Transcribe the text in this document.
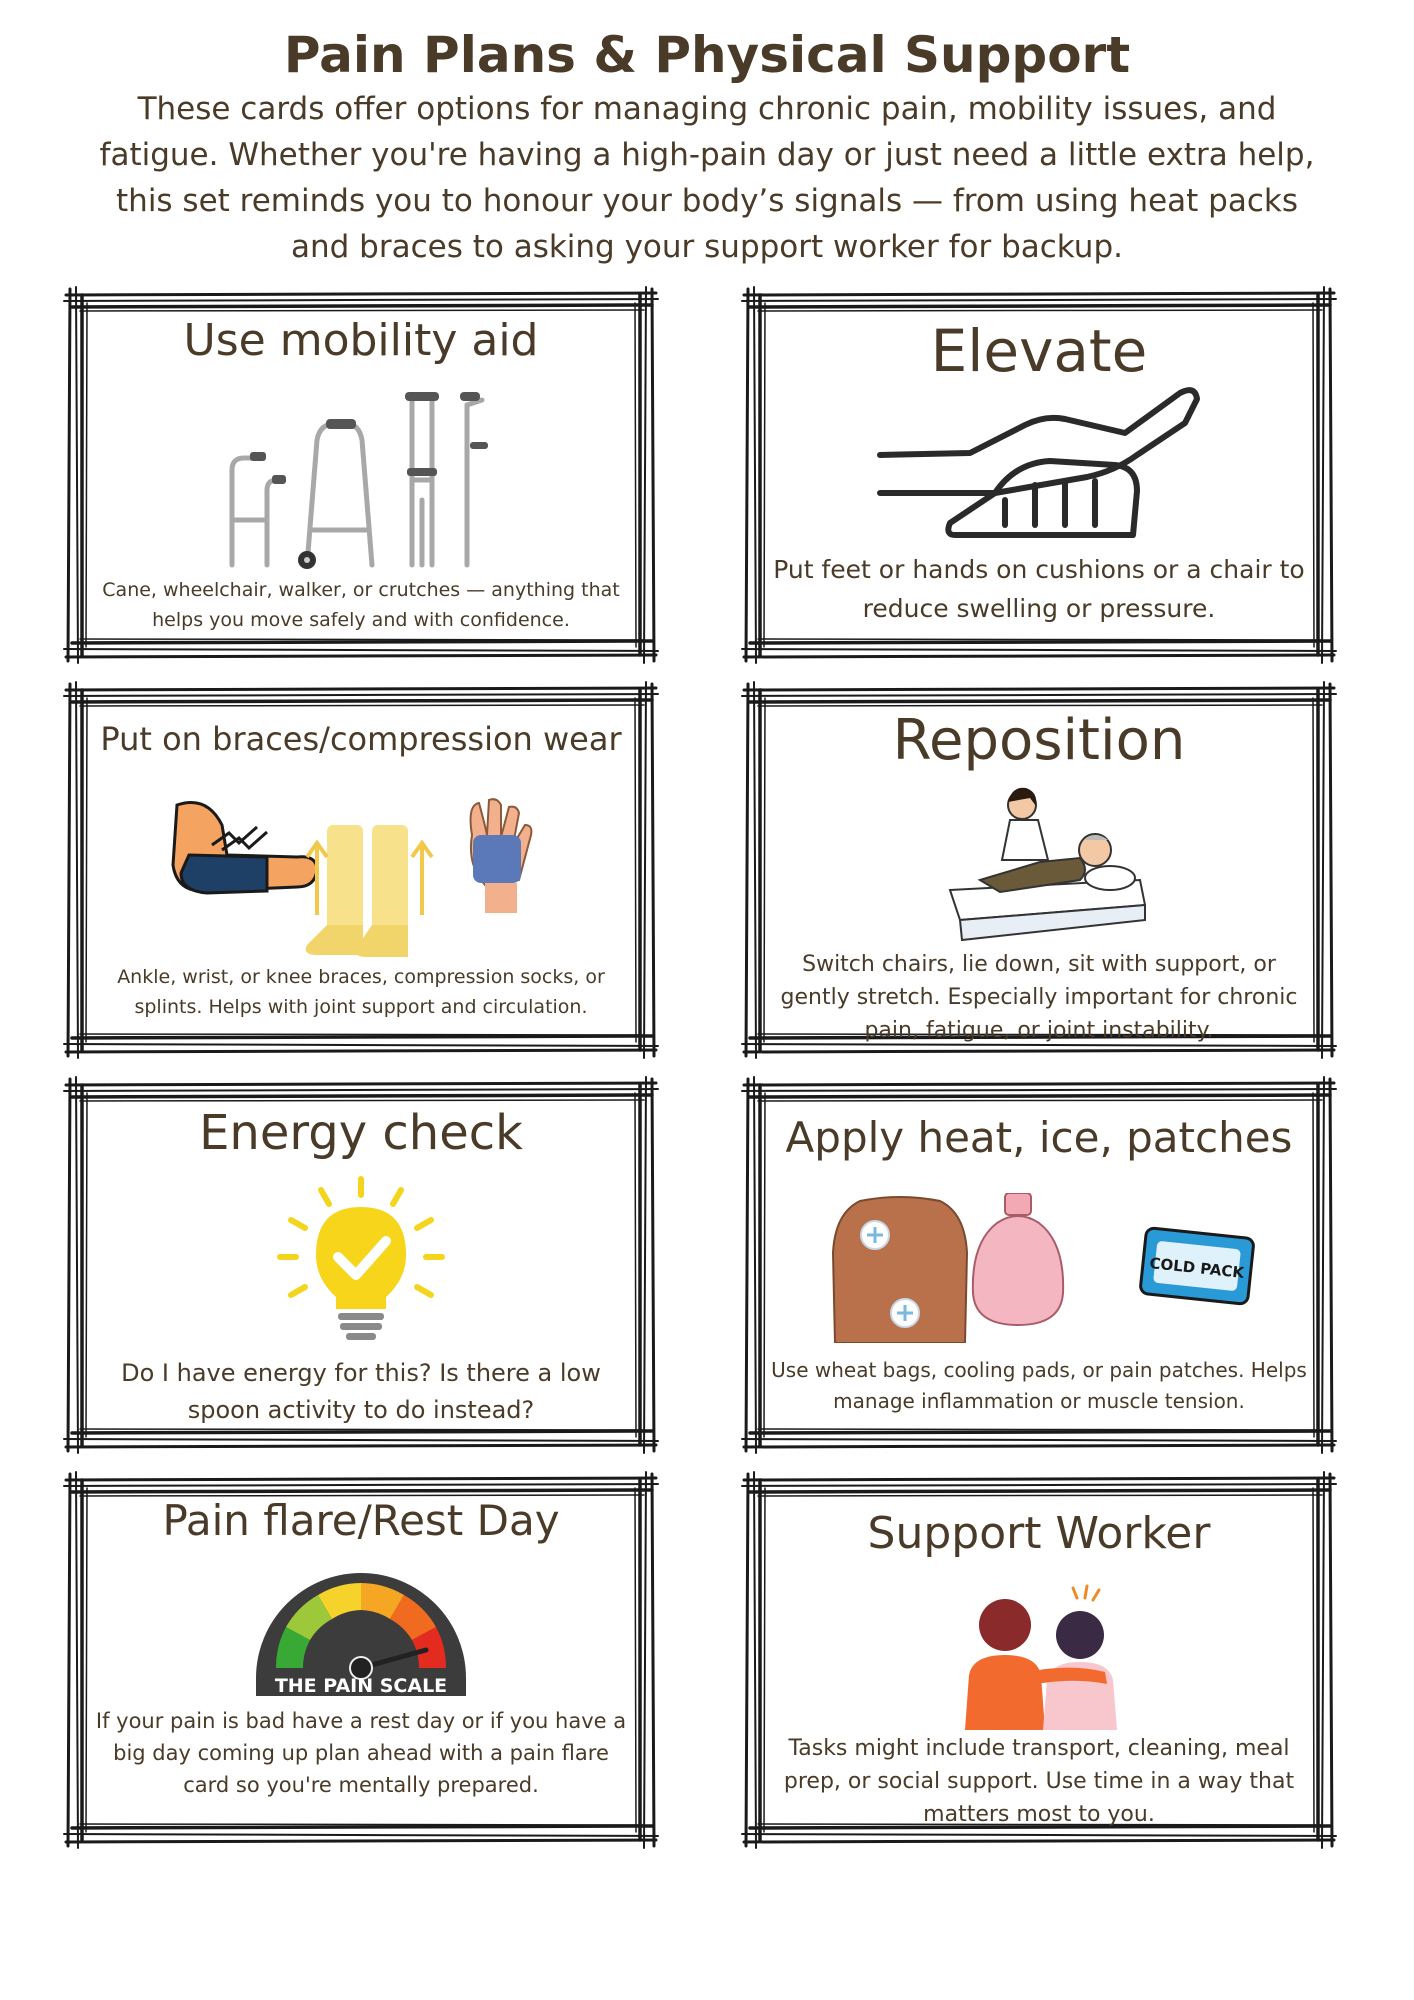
Pain Plans & Physical Support

These cards offer options for managing chronic pain, mobility issues, and fatigue. Whether you're having a high-pain day or just need a little extra help, this set reminds you to honour your body’s signals — from using heat packs and braces to asking your support worker for backup.

Use mobility aid
Cane, wheelchair, walker, or crutches — anything that helps you move safely and with confidence.
Elevate
Put feet or hands on cushions or a chair to reduce swelling or pressure.
Put on braces/compression wear
Ankle, wrist, or knee braces, compression socks, or splints. Helps with joint support and circulation.
Reposition
Switch chairs, lie down, sit with support, or gently stretch. Especially important for chronic pain, fatigue, or joint instability.
Energy check
Do I have energy for this? Is there a low spoon activity to do instead?
Apply heat, ice, patches
COLD PACK
Use wheat bags, cooling pads, or pain patches. Helps manage inflammation or muscle tension.
Pain flare/Rest Day
THE PAIN SCALE
If your pain is bad have a rest day or if you have a big day coming up plan ahead with a pain flare card so you're mentally prepared.
Support Worker
Tasks might include transport, cleaning, meal prep, or social support. Use time in a way that matters most to you.
